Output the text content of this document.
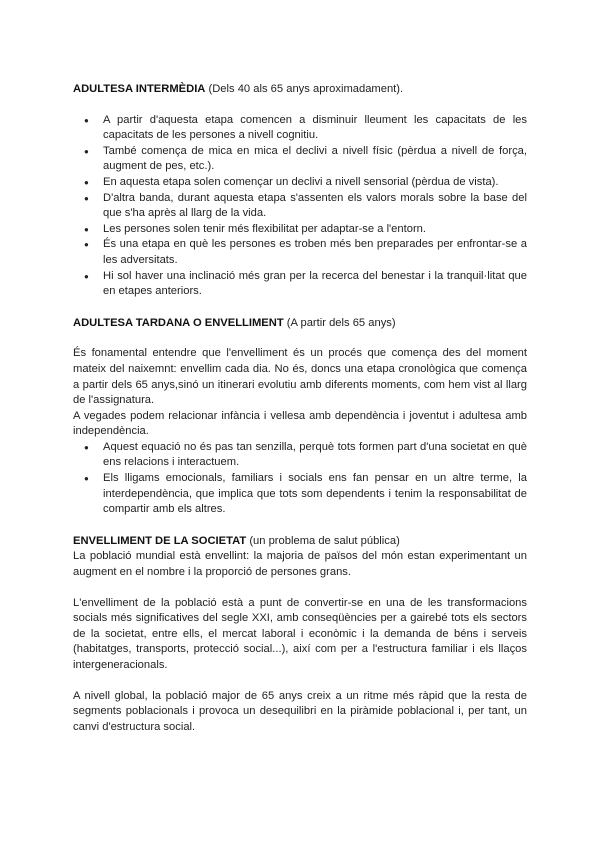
ADULTESA INTERMÈDIA (Dels 40 als 65 anys aproximadament).

● A partir d'aquesta etapa comencen a disminuir lleument les capacitats de les capacitats de les persones a nivell cognitiu.
● També comença de mica en mica el declivi a nivell físic (pèrdua a nivell de força, augment de pes, etc.).
● En aquesta etapa solen començar un declivi a nivell sensorial (pèrdua de vista).
● D'altra banda, durant aquesta etapa s'assenten els valors morals sobre la base del que s'ha après al llarg de la vida.
● Les persones solen tenir més flexibilitat per adaptar-se a l'entorn.
● És una etapa en què les persones es troben més ben preparades per enfrontar-se a les adversitats.
● Hi sol haver una inclinació més gran per la recerca del benestar i la tranquil·litat que en etapes anteriors.

ADULTESA TARDANA O ENVELLIMENT (A partir dels 65 anys)

És fonamental entendre que l'envelliment és un procés que comença des del moment mateix del naixemnt: envellim cada dia. No és, doncs una etapa cronològica que comença a partir dels 65 anys,sinó un itinerari evolutiu amb diferents moments, com hem vist al llarg de l'assignatura.

A vegades podem relacionar infància i vellesa amb dependència i joventut i adultesa amb independència.

● Aquest equació no és pas tan senzilla, perquè tots formen part d'una societat en què ens relacions i interactuem.
● Els lligams emocionals, familiars i socials ens fan pensar en un altre terme, la interdependència, que implica que tots som dependents i tenim la responsabilitat de compartir amb els altres.

ENVELLIMENT DE LA SOCIETAT (un problema de salut pública)

La població mundial està envellint: la majoria de països del món estan experimentant un augment en el nombre i la proporció de persones grans.

L'envelliment de la població està a punt de convertir-se en una de les transformacions socials més significatives del segle XXI, amb conseqüències per a gairebé tots els sectors de la societat, entre ells, el mercat laboral i econòmic i la demanda de béns i serveis (habitatges, transports, protecció social...), així com per a l'estructura familiar i els llaços intergeneracionals.

A nivell global, la població major de 65 anys creix a un ritme més ràpid que la resta de segments poblacionals i provoca un desequilibri en la piràmide poblacional i, per tant, un canvi d'estructura social.
